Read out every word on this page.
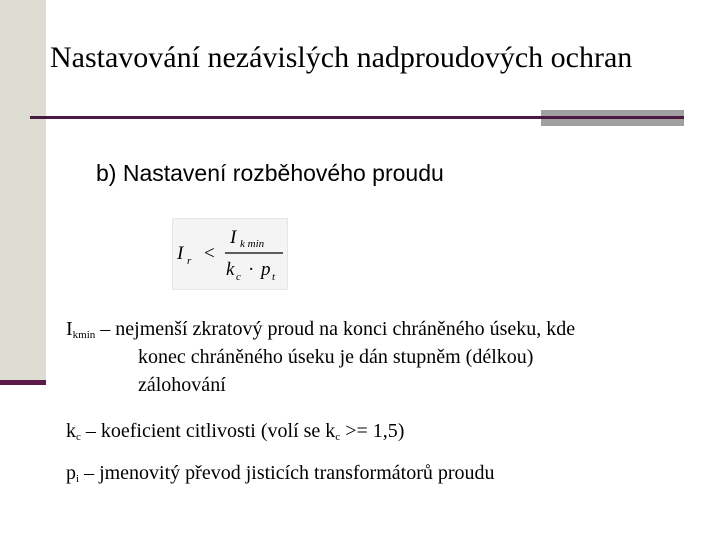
Nastavování nezávislých nadproudových ochran
b) Nastavení rozběhového proudu
I r <
I k min
k c · p t
$I_{kmin}$ – nejmenší zkratový proud na konci chráněného úseku, kde
konec chráněného úseku je dán stupněm (délkou)
zálohování
$k_c$ – koeficient citlivosti (volí se $k_c >= 1,5$)
$p_i$ – jmenovitý převod jisticích transformátorů proudu
